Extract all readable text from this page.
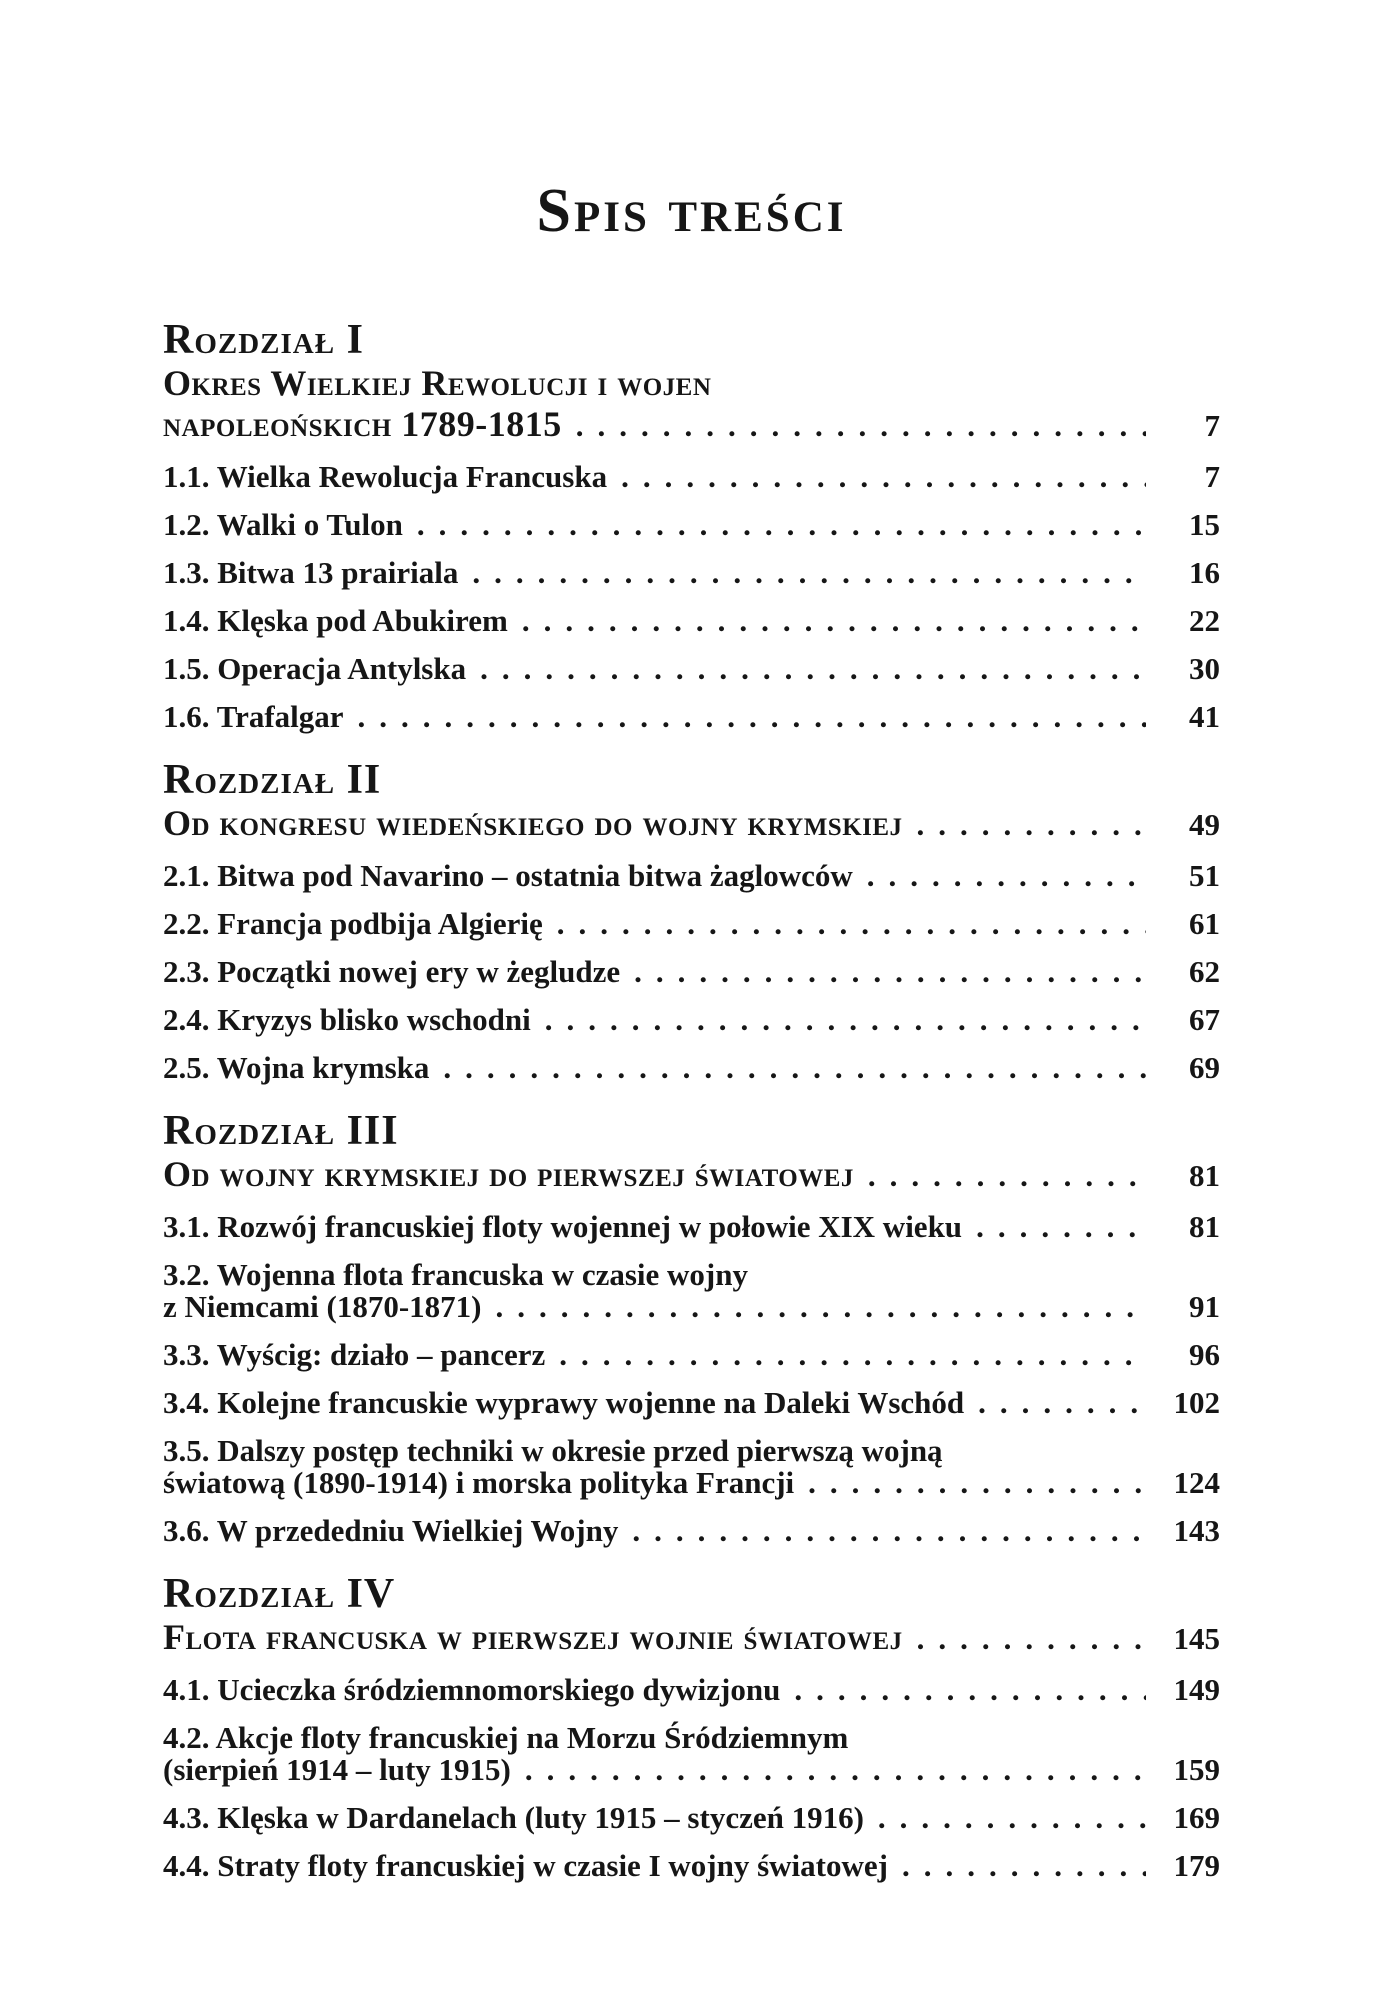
Spis treści
Rozdział I
Okres Wielkiej Rewolucji i wojen
napoleońskich 1789-1815 .....	7
1.1. Wielka Rewolucja Francuska .....	7
1.2. Walki o Tulon .....	15
1.3. Bitwa 13 prairiala .....	16
1.4. Klęska pod Abukirem .....	22
1.5. Operacja Antylska .....	30
1.6. Trafalgar .....	41
Rozdział II
Od kongresu wiedeńskiego do wojny krymskiej .....	49
2.1. Bitwa pod Navarino – ostatnia bitwa żaglowców .....	51
2.2. Francja podbija Algierię .....	61
2.3. Początki nowej ery w żegludze .....	62
2.4. Kryzys blisko wschodni .....	67
2.5. Wojna krymska .....	69
Rozdział III
Od wojny krymskiej do pierwszej światowej .....	81
3.1. Rozwój francuskiej floty wojennej w połowie XIX wieku .....	81
3.2. Wojenna flota francuska w czasie wojny
z Niemcami (1870-1871) .....	91
3.3. Wyścig: działo – pancerz .....	96
3.4. Kolejne francuskie wyprawy wojenne na Daleki Wschód .....	102
3.5. Dalszy postęp techniki w okresie przed pierwszą wojną
światową (1890-1914) i morska polityka Francji .....	124
3.6. W przededniu Wielkiej Wojny .....	143
Rozdział IV
Flota francuska w pierwszej wojnie światowej .....	145
4.1. Ucieczka śródziemnomorskiego dywizjonu .....	149
4.2. Akcje floty francuskiej na Morzu Śródziemnym
(sierpień 1914 – luty 1915) .....	159
4.3. Klęska w Dardanelach (luty 1915 – styczeń 1916) .....	169
4.4. Straty floty francuskiej w czasie I wojny światowej .....	179
